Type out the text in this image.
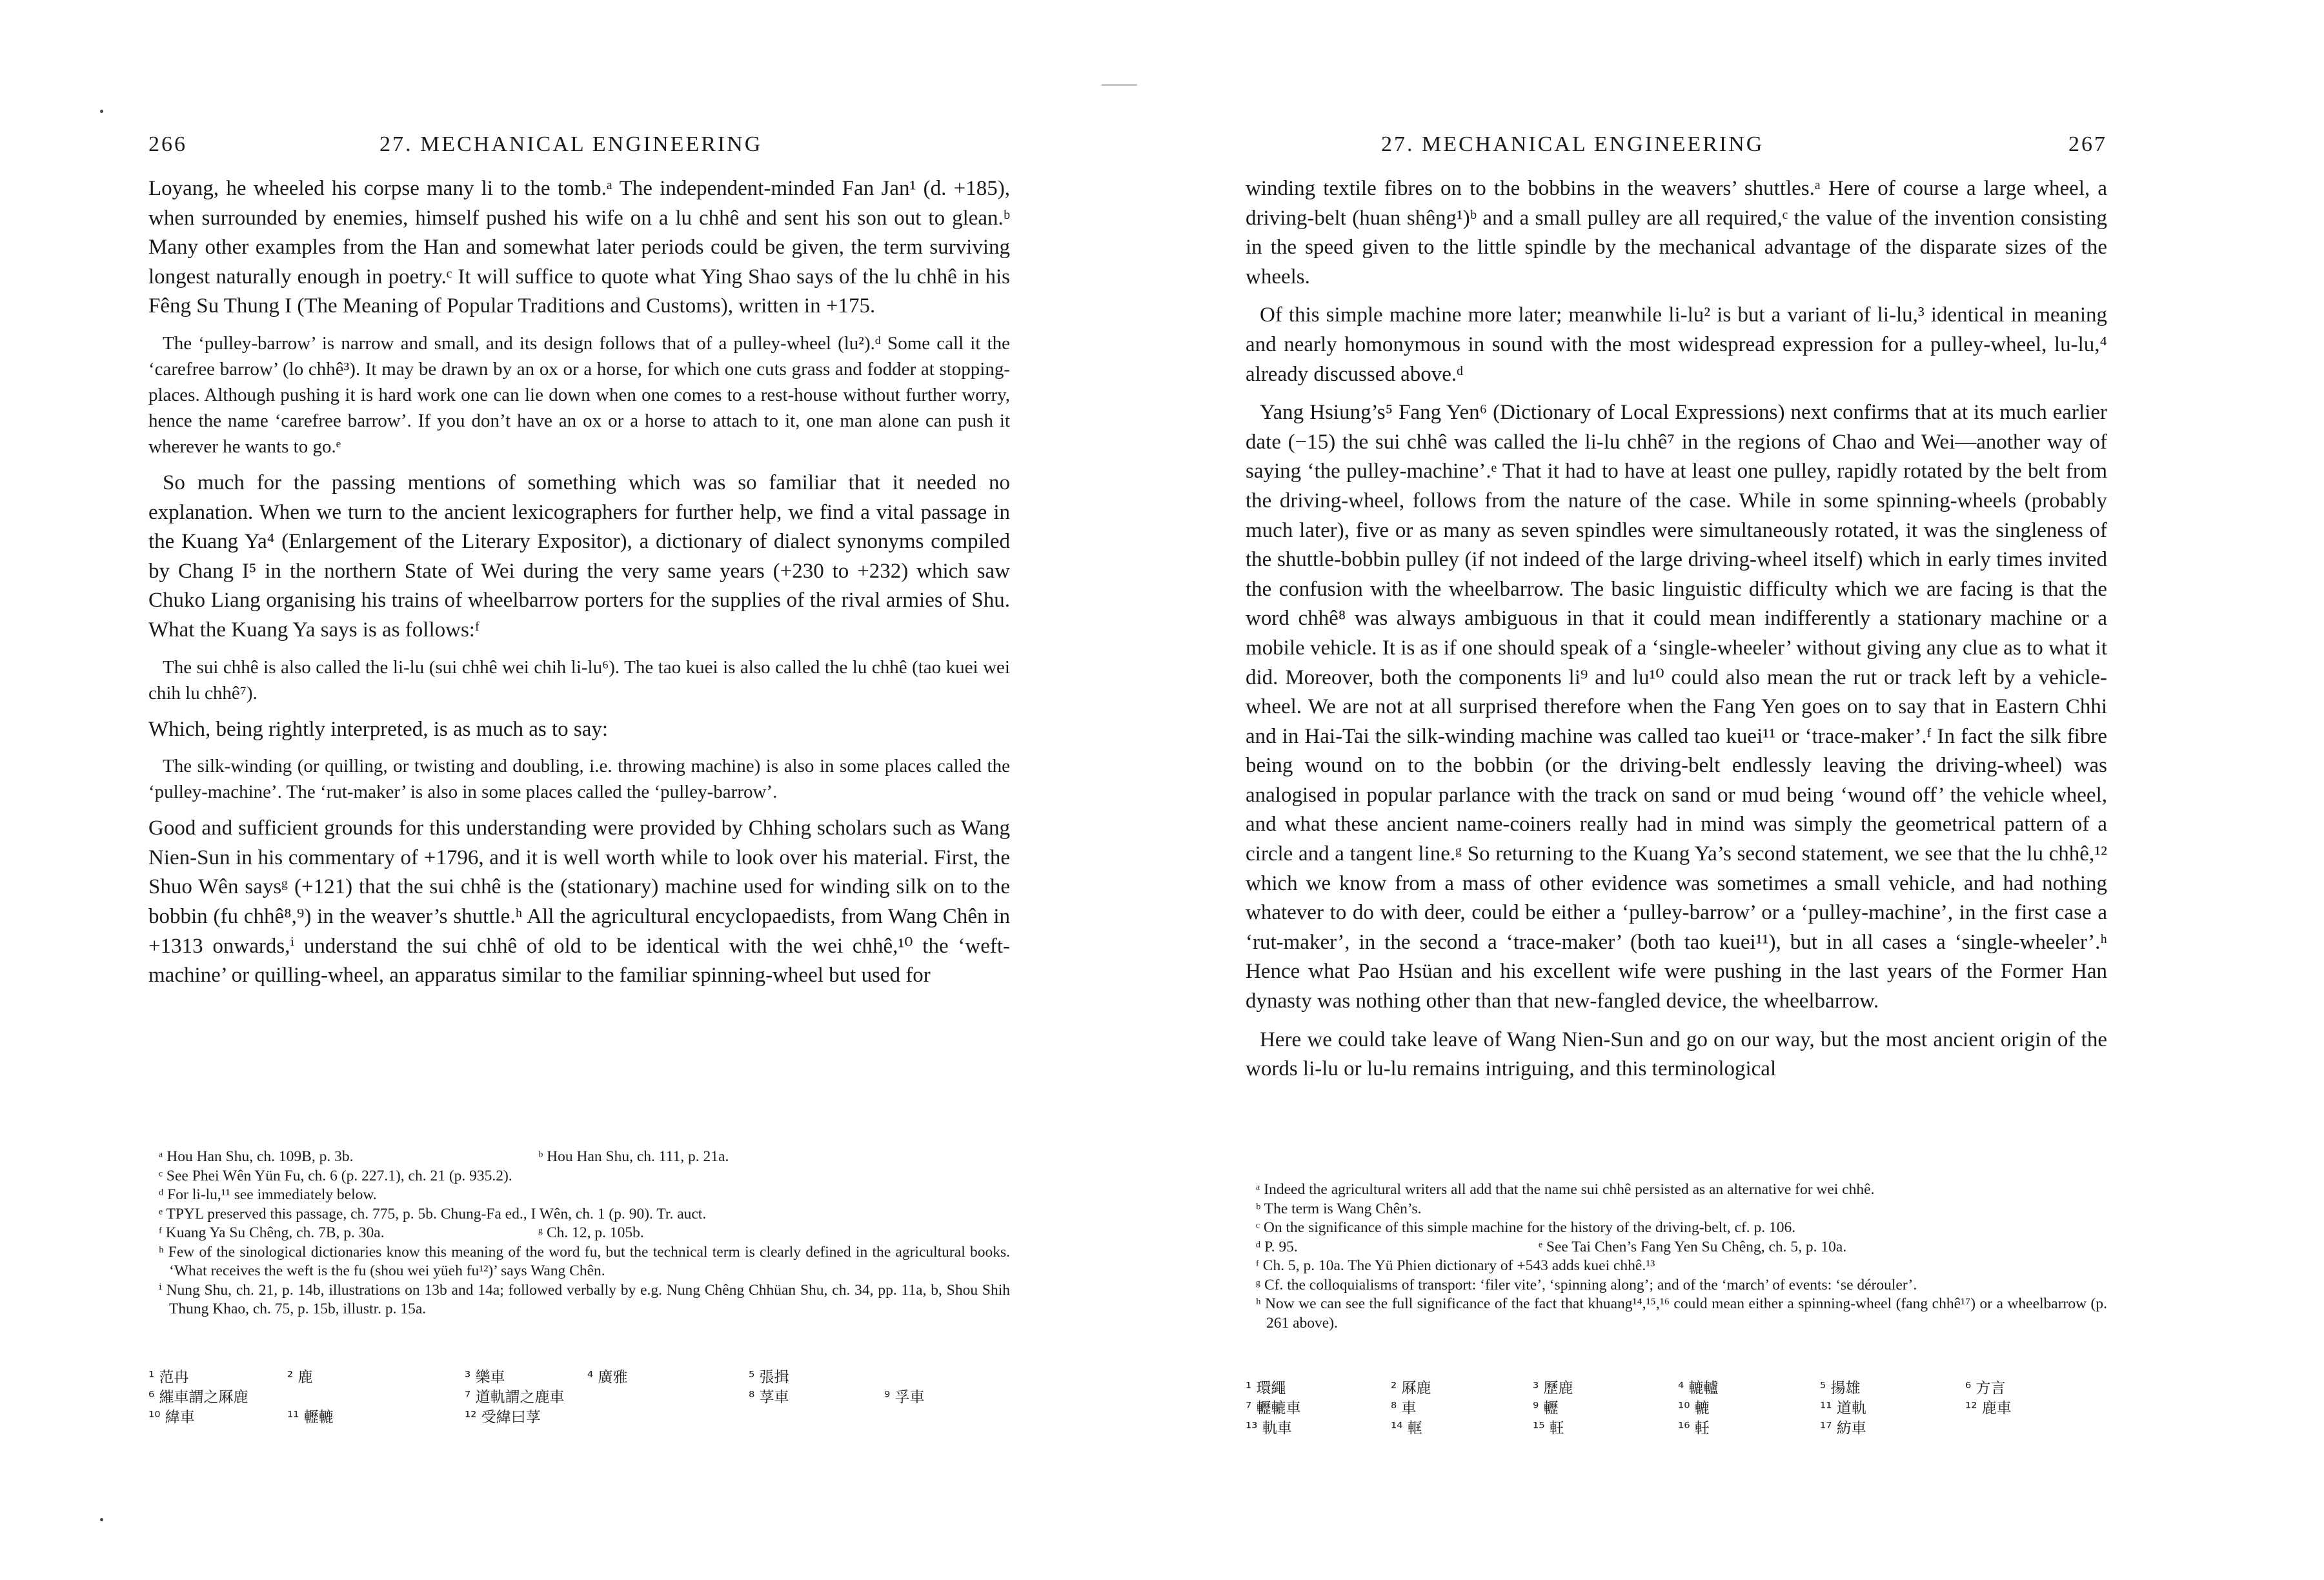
266	27. MECHANICAL ENGINEERING

Loyang, he wheeled his corpse many li to the tomb.ᵃ The independent-minded Fan Jan¹ (d. +185), when surrounded by enemies, himself pushed his wife on a lu chhê and sent his son out to glean.ᵇ Many other examples from the Han and somewhat later periods could be given, the term surviving longest naturally enough in poetry.ᶜ It will suffice to quote what Ying Shao says of the lu chhê in his Fêng Su Thung I (The Meaning of Popular Traditions and Customs), written in +175.

The ‘pulley-barrow’ is narrow and small, and its design follows that of a pulley-wheel (lu²).ᵈ Some call it the ‘carefree barrow’ (lo chhê³). It may be drawn by an ox or a horse, for which one cuts grass and fodder at stopping-places. Although pushing it is hard work one can lie down when one comes to a rest-house without further worry, hence the name ‘carefree barrow’. If you don’t have an ox or a horse to attach to it, one man alone can push it wherever he wants to go.ᵉ

So much for the passing mentions of something which was so familiar that it needed no explanation. When we turn to the ancient lexicographers for further help, we find a vital passage in the Kuang Ya⁴ (Enlargement of the Literary Expositor), a dictionary of dialect synonyms compiled by Chang I⁵ in the northern State of Wei during the very same years (+230 to +232) which saw Chuko Liang organising his trains of wheelbarrow porters for the supplies of the rival armies of Shu. What the Kuang Ya says is as follows:ᶠ

The sui chhê is also called the li-lu (sui chhê wei chih li-lu⁶). The tao kuei is also called the lu chhê (tao kuei wei chih lu chhê⁷).

Which, being rightly interpreted, is as much as to say:

The silk-winding (or quilling, or twisting and doubling, i.e. throwing machine) is also in some places called the ‘pulley-machine’. The ‘rut-maker’ is also in some places called the ‘pulley-barrow’.

Good and sufficient grounds for this understanding were provided by Chhing scholars such as Wang Nien-Sun in his commentary of +1796, and it is well worth while to look over his material. First, the Shuo Wên saysᵍ (+121) that the sui chhê is the (stationary) machine used for winding silk on to the bobbin (fu chhê⁸,⁹) in the weaver’s shuttle.ʰ All the agricultural encyclopaedists, from Wang Chên in +1313 onwards,ⁱ understand the sui chhê of old to be identical with the wei chhê,¹⁰ the ‘weft-machine’ or quilling-wheel, an apparatus similar to the familiar spinning-wheel but used for

ᵃ Hou Han Shu, ch. 109B, p. 3b.	ᵇ Hou Han Shu, ch. 111, p. 21a.

ᶜ See Phei Wên Yün Fu, ch. 6 (p. 227.1), ch. 21 (p. 935.2).

ᵈ For li-lu,¹¹ see immediately below.

ᵉ TPYL preserved this passage, ch. 775, p. 5b. Chung-Fa ed., I Wên, ch. 1 (p. 90). Tr. auct.

ᶠ Kuang Ya Su Chêng, ch. 7B, p. 30a.	ᵍ Ch. 12, p. 105b.

ʰ Few of the sinological dictionaries know this meaning of the word fu, but the technical term is clearly defined in the agricultural books. ‘What receives the weft is the fu (shou wei yüeh fu¹²)’ says Wang Chên.

ⁱ Nung Shu, ch. 21, p. 14b, illustrations on 13b and 14a; followed verbally by e.g. Nung Chêng Chhüan Shu, ch. 34, pp. 11a, b, Shou Shih Thung Khao, ch. 75, p. 15b, illustr. p. 15a.

¹ 范冉	² 鹿	³ 樂車	⁴ 廣雅	⁵ 張揖
⁶ 繀車謂之厤鹿	⁷ 道軌謂之鹿車	⁸ 莩車	⁹ 孚車
¹⁰ 緯車	¹¹ 轣轆	¹² 受緯曰莩
27. MECHANICAL ENGINEERING	267

winding textile fibres on to the bobbins in the weavers’ shuttles.ᵃ Here of course a large wheel, a driving-belt (huan shêng¹)ᵇ and a small pulley are all required,ᶜ the value of the invention consisting in the speed given to the little spindle by the mechanical advantage of the disparate sizes of the wheels.

Of this simple machine more later; meanwhile li-lu² is but a variant of li-lu,³ identical in meaning and nearly homonymous in sound with the most widespread expression for a pulley-wheel, lu-lu,⁴ already discussed above.ᵈ

Yang Hsiung’s⁵ Fang Yen⁶ (Dictionary of Local Expressions) next confirms that at its much earlier date (−15) the sui chhê was called the li-lu chhê⁷ in the regions of Chao and Wei—another way of saying ‘the pulley-machine’.ᵉ That it had to have at least one pulley, rapidly rotated by the belt from the driving-wheel, follows from the nature of the case. While in some spinning-wheels (probably much later), five or as many as seven spindles were simultaneously rotated, it was the singleness of the shuttle-bobbin pulley (if not indeed of the large driving-wheel itself) which in early times invited the confusion with the wheelbarrow. The basic linguistic difficulty which we are facing is that the word chhê⁸ was always ambiguous in that it could mean indifferently a stationary machine or a mobile vehicle. It is as if one should speak of a ‘single-wheeler’ without giving any clue as to what it did. Moreover, both the components li⁹ and lu¹⁰ could also mean the rut or track left by a vehicle-wheel. We are not at all surprised therefore when the Fang Yen goes on to say that in Eastern Chhi and in Hai-Tai the silk-winding machine was called tao kuei¹¹ or ‘trace-maker’.ᶠ In fact the silk fibre being wound on to the bobbin (or the driving-belt endlessly leaving the driving-wheel) was analogised in popular parlance with the track on sand or mud being ‘wound off’ the vehicle wheel, and what these ancient name-coiners really had in mind was simply the geometrical pattern of a circle and a tangent line.ᵍ So returning to the Kuang Ya’s second statement, we see that the lu chhê,¹² which we know from a mass of other evidence was sometimes a small vehicle, and had nothing whatever to do with deer, could be either a ‘pulley-barrow’ or a ‘pulley-machine’, in the first case a ‘rut-maker’, in the second a ‘trace-maker’ (both tao kuei¹¹), but in all cases a ‘single-wheeler’.ʰ Hence what Pao Hsüan and his excellent wife were pushing in the last years of the Former Han dynasty was nothing other than that new-fangled device, the wheelbarrow.

Here we could take leave of Wang Nien-Sun and go on our way, but the most ancient origin of the words li-lu or lu-lu remains intriguing, and this terminological

ᵃ Indeed the agricultural writers all add that the name sui chhê persisted as an alternative for wei chhê.

ᵇ The term is Wang Chên’s.

ᶜ On the significance of this simple machine for the history of the driving-belt, cf. p. 106.

ᵈ P. 95.	ᵉ See Tai Chen’s Fang Yen Su Chêng, ch. 5, p. 10a.

ᶠ Ch. 5, p. 10a. The Yü Phien dictionary of +543 adds kuei chhê.¹³

ᵍ Cf. the colloquialisms of transport: ‘filer vite’, ‘spinning along’; and of the ‘march’ of events: ‘se dérouler’.

ʰ Now we can see the full significance of the fact that khuang¹⁴,¹⁵,¹⁶ could mean either a spinning-wheel (fang chhê¹⁷) or a wheelbarrow (p. 261 above).

¹ 環繩	² 厤鹿	³ 歷鹿	⁴ 轆轤	⁵ 揚雄	⁶ 方言
⁷ 轣轆車	⁸ 車	⁹ 轣	¹⁰ 轆	¹¹ 道軌	¹² 鹿車
¹³ 軌車	¹⁴ 軭	¹⁵ 軖	¹⁶ 軠	¹⁷ 紡車
